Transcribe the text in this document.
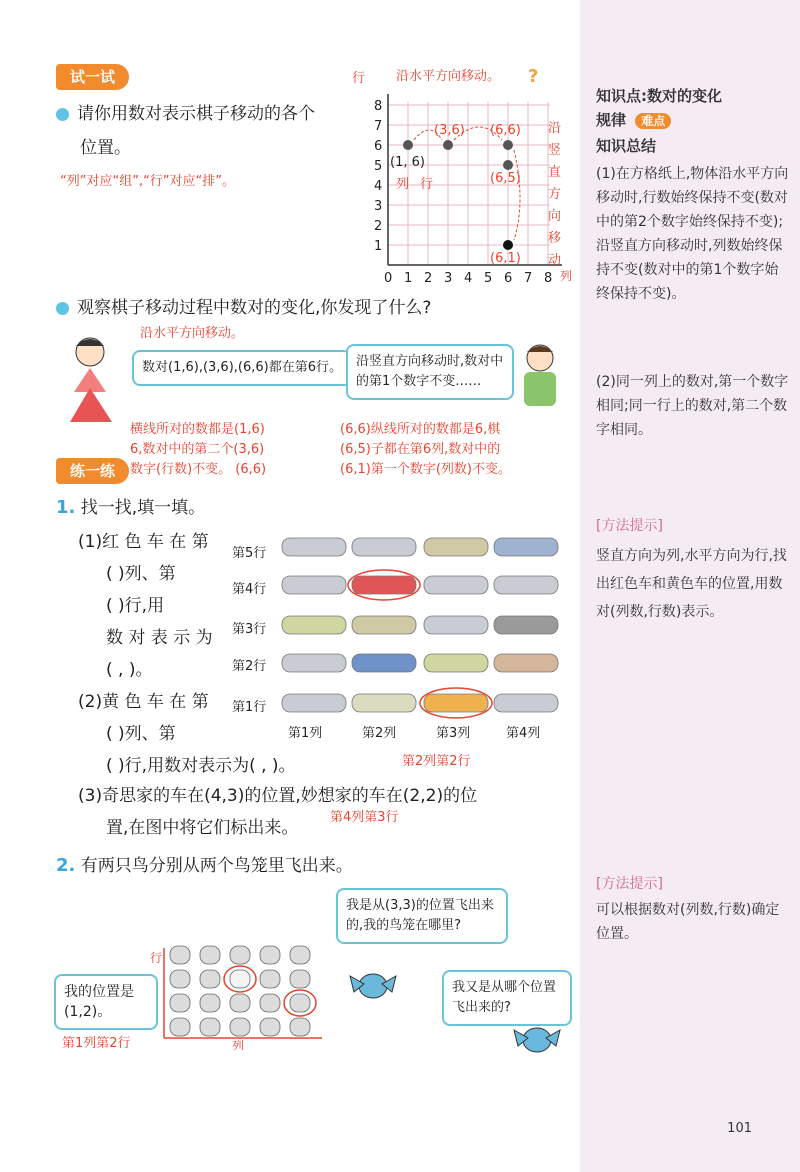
试一试
请你用数对表示棋子移动的各个
位置。
“列”对应“组”,“行”对应“排”。
1
2
3
4
5
6
7
8
0 1 2 3 4 5 6 7 8
行
列
沿水平方向移动。 ?
(1, 6)
(3,6) (6,6)
(6,5)
(6,1)
列 行
沿竖直方向移动
观察棋子移动过程中数对的变化,你发现了什么?
沿水平方向移动。
数对(1,6),(3,6),(6,6)都在第6行。	沿竖直方向移动时,数对中的第1个数字不变……
横线所对的数都是(1,6)
6,数对中的第二个(3,6)
数字(行数)不变。 (6,6)
(6,6)纵线所对的数都是6,棋
(6,5)子都在第6列,数对中的
(6,1)第一个数字(列数)不变。
练一练
1. 找一找,填一填。
(1)红 色 车 在 第
( )列、第
( )行,用
数 对 表 示 为
( , )。
(2)黄 色 车 在 第
( )列、第
( )行,用数对表示为( , )。	第2列第2行
第5行
第4行
第3行
第2行
第1行
第1列	第2列	第3列	第4列
(3)奇思家的车在(4,3)的位置,妙想家的车在(2,2)的位
置,在图中将它们标出来。
第4列第3行
2. 有两只鸟分别从两个鸟笼里飞出来。
我是从(3,3)的位置飞出来的,我的鸟笼在哪里?
我又是从哪个位置飞出来的?
行
列
我的位置是
(1,2)。
第1列第2行
知识点:数对的变化
规律 难点
知识总结
(1)在方格纸上,物体沿水平方向移动时,行数始终保持不变(数对中的第2个数字始终保持不变);沿竖直方向移动时,列数始终保持不变(数对中的第1个数字始终保持不变)。
(2)同一列上的数对,第一个数字相同;同一行上的数对,第二个数字相同。
[方法提示]
竖直方向为列,水平方向为行,找出红色车和黄色车的位置,用数对(列数,行数)表示。
[方法提示]
可以根据数对(列数,行数)确定位置。
101
